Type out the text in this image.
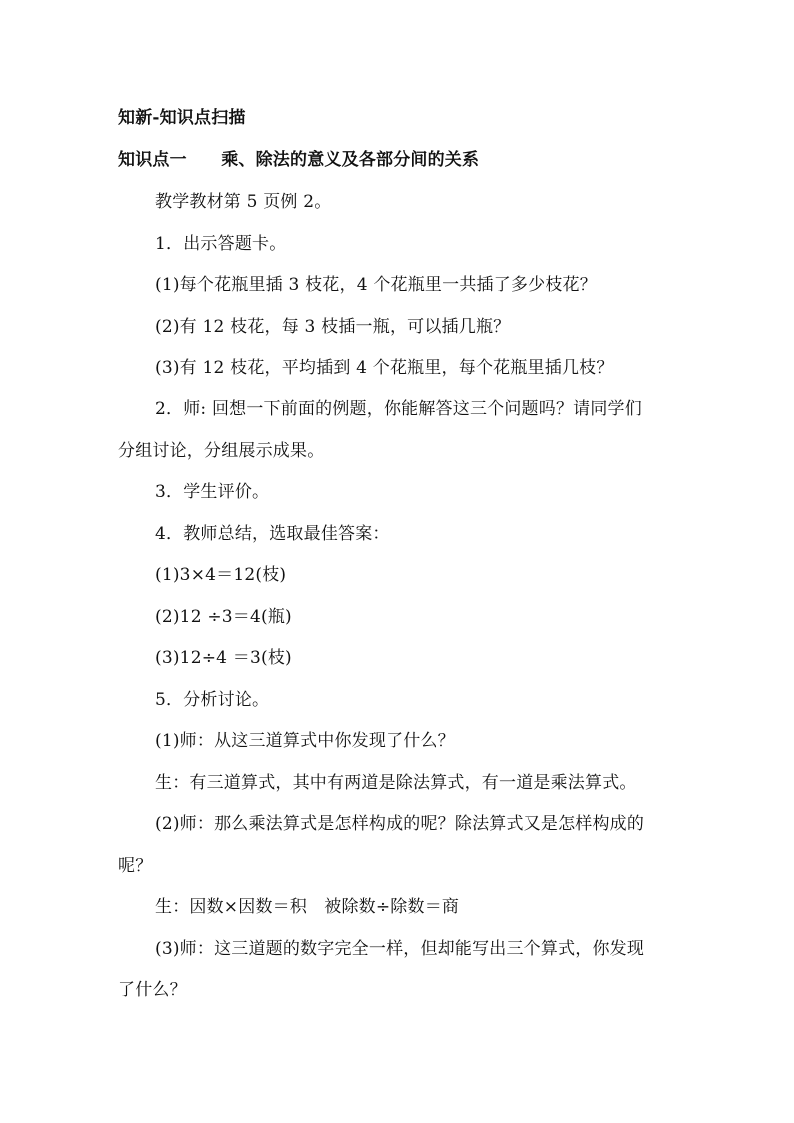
知新-知识点扫描
知识点一　　乘、除法的意义及各部分间的关系
教学教材第 5 页例 2。
1．出示答题卡。
(1)每个花瓶里插 3 枝花，4 个花瓶里一共插了多少枝花？
(2)有 12 枝花，每 3 枝插一瓶，可以插几瓶？
(3)有 12 枝花，平均插到 4 个花瓶里，每个花瓶里插几枝？
2．师: 回想一下前面的例题，你能解答这三个问题吗？请同学们
分组讨论，分组展示成果。
3．学生评价。
4．教师总结，选取最佳答案：
(1)3×4＝12(枝)
(2)12 ÷3＝4(瓶)
(3)12÷4 ＝3(枝)
5．分析讨论。
(1)师：从这三道算式中你发现了什么？
生：有三道算式，其中有两道是除法算式，有一道是乘法算式。
(2)师：那么乘法算式是怎样构成的呢？除法算式又是怎样构成的
呢？
生：因数×因数＝积　被除数÷除数＝商
(3)师：这三道题的数字完全一样，但却能写出三个算式，你发现
了什么？
